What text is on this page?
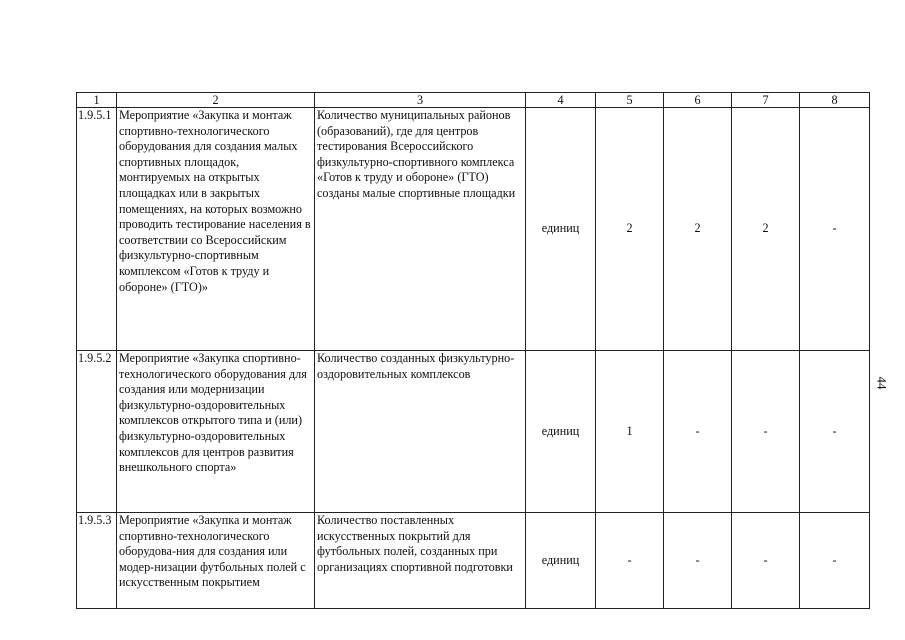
1	2	3	4	5	6	7	8
1.9.5.1	Мероприятие «Закупка и монтаж спортивно-технологического оборудования для создания малых спортивных площадок, монтируемых на открытых площадках или в закрытых помещениях, на которых возможно проводить тестирование населения в соответствии со Всероссийским физкультурно-спортивным комплексом «Готов к труду и обороне» (ГТО)»	Количество муниципальных районов (образований), где для центров тестирования Всероссийского физкультурно-спортивного комплекса «Готов к труду и обороне» (ГТО) созданы малые спортивные площадки	единиц	2	2	2	-
1.9.5.2	Мероприятие «Закупка спортивно-технологического оборудования для создания или модернизации физкультурно-оздоровительных комплексов открытого типа и (или) физкультурно-оздоровительных комплексов для центров развития внешкольного спорта»	Количество созданных физкультурно-оздоровительных комплексов	единиц	1	-	-	-
1.9.5.3	Мероприятие «Закупка и монтаж спортивно-технологического оборудова-ния для создания или модер-низации футбольных полей с искусственным покрытием	Количество поставленных искусственных покрытий для футбольных полей, созданных при организациях спортивной подготовки	единиц	-	-	-	-
44
